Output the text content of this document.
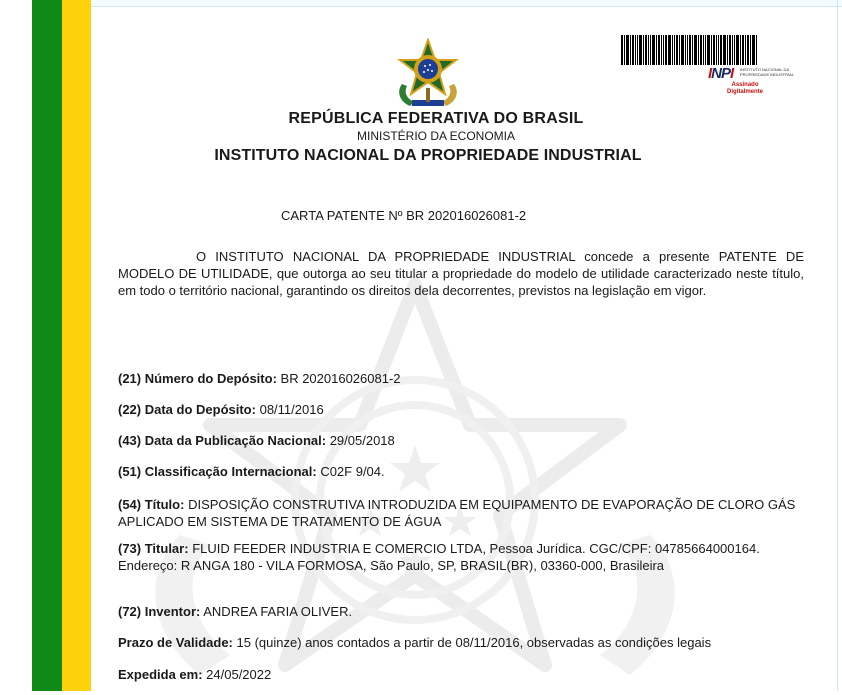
INPI INSTITUTO NACIONAL DA PROPRIEDADE INDUSTRIAL
Assinado
Digitalmente
REPÚBLICA FEDERATIVA DO BRASIL
MINISTÉRIO DA ECONOMIA
INSTITUTO NACIONAL DA PROPRIEDADE INDUSTRIAL
CARTA PATENTE Nº BR 202016026081-2

O INSTITUTO NACIONAL DA PROPRIEDADE INDUSTRIAL concede a presente PATENTE DE MODELO DE UTILIDADE, que outorga ao seu titular a propriedade do modelo de utilidade caracterizado neste título, em todo o território nacional, garantindo os direitos dela decorrentes, previstos na legislação em vigor.

(21) Número do Depósito: BR 202016026081-2

(22) Data do Depósito: 08/11/2016

(43) Data da Publicação Nacional: 29/05/2018

(51) Classificação Internacional: C02F 9/04.

(54) Título: DISPOSIÇÃO CONSTRUTIVA INTRODUZIDA EM EQUIPAMENTO DE EVAPORAÇÃO DE CLORO GÁS APLICADO EM SISTEMA DE TRATAMENTO DE ÁGUA

(73) Titular: FLUID FEEDER INDUSTRIA E COMERCIO LTDA, Pessoa Jurídica. CGC/CPF: 04785664000164. Endereço: R ANGA 180 - VILA FORMOSA, São Paulo, SP, BRASIL(BR), 03360-000, Brasileira

(72) Inventor: ANDREA FARIA OLIVER.

Prazo de Validade: 15 (quinze) anos contados a partir de 08/11/2016, observadas as condições legais

Expedida em: 24/05/2022
